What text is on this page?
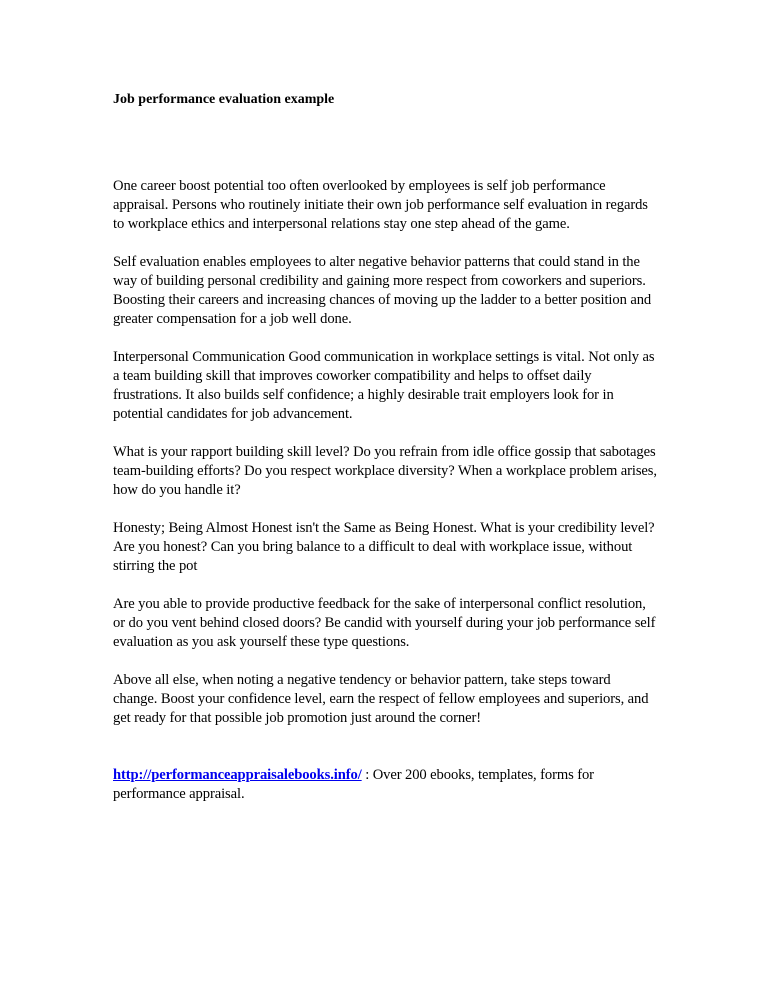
Job performance evaluation example

One career boost potential too often overlooked by employees is self job performance appraisal. Persons who routinely initiate their own job performance self evaluation in regards to workplace ethics and interpersonal relations stay one step ahead of the game.

Self evaluation enables employees to alter negative behavior patterns that could stand in the way of building personal credibility and gaining more respect from coworkers and superiors. Boosting their careers and increasing chances of moving up the ladder to a better position and greater compensation for a job well done.

Interpersonal Communication Good communication in workplace settings is vital. Not only as a team building skill that improves coworker compatibility and helps to offset daily frustrations. It also builds self confidence; a highly desirable trait employers look for in potential candidates for job advancement.

What is your rapport building skill level? Do you refrain from idle office gossip that sabotages team-building efforts? Do you respect workplace diversity? When a workplace problem arises, how do you handle it?

Honesty; Being Almost Honest isn't the Same as Being Honest. What is your credibility level? Are you honest? Can you bring balance to a difficult to deal with workplace issue, without stirring the pot

Are you able to provide productive feedback for the sake of interpersonal conflict resolution, or do you vent behind closed doors? Be candid with yourself during your job performance self evaluation as you ask yourself these type questions.

Above all else, when noting a negative tendency or behavior pattern, take steps toward change. Boost your confidence level, earn the respect of fellow employees and superiors, and get ready for that possible job promotion just around the corner!

http://performanceappraisalebooks.info/ : Over 200 ebooks, templates, forms for performance appraisal.
